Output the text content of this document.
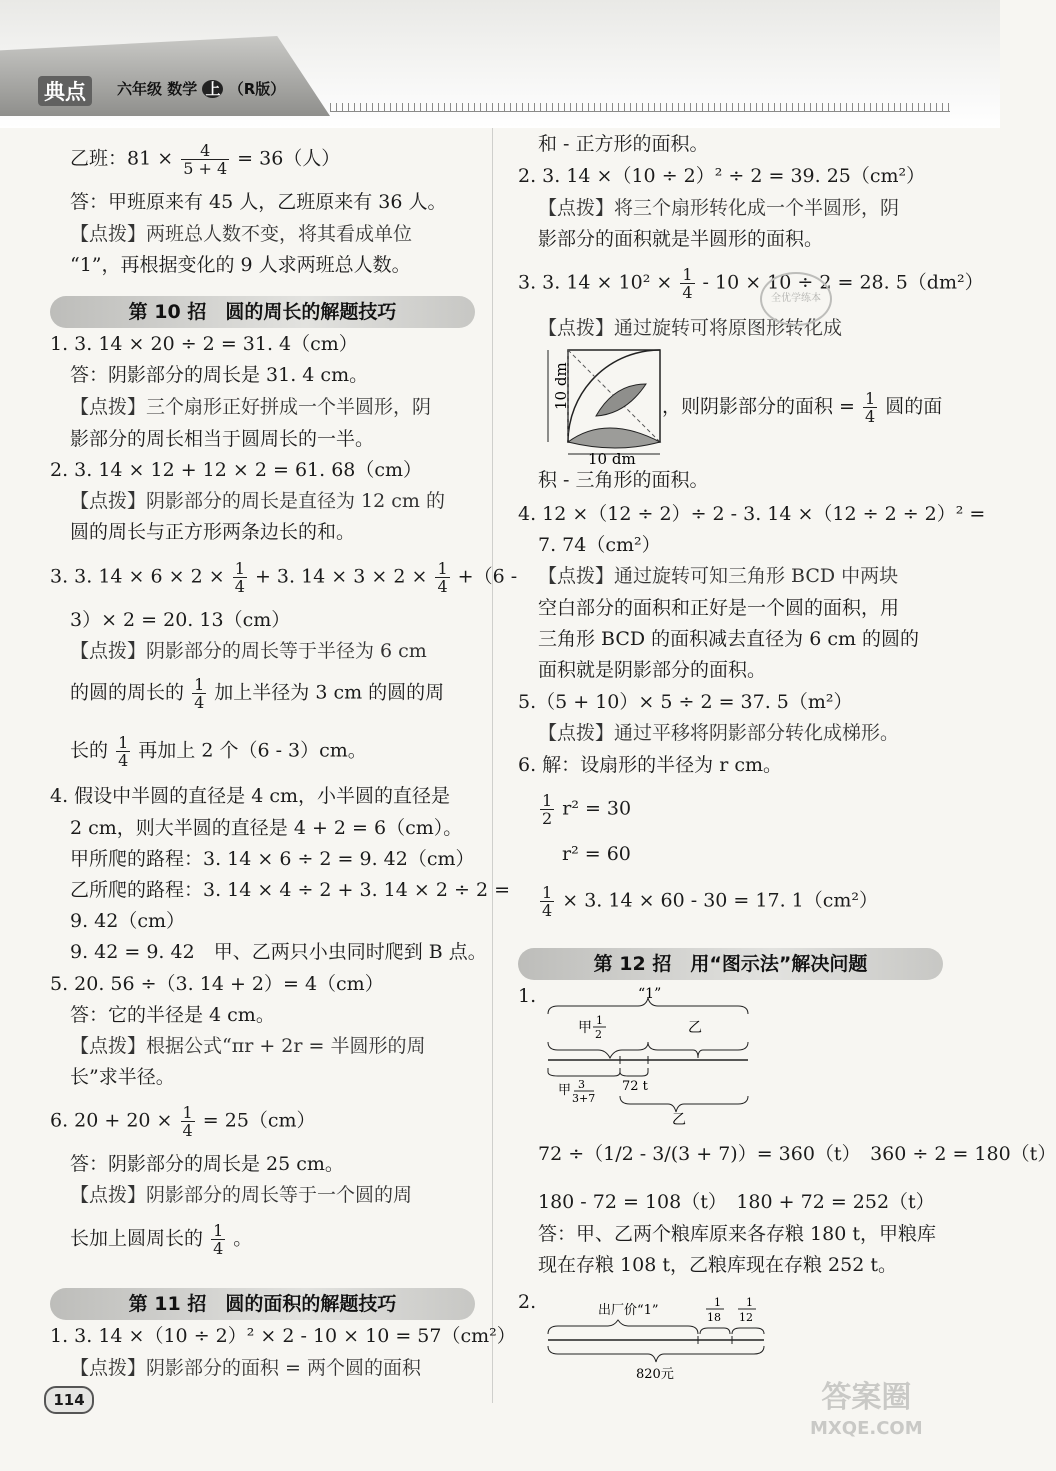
典点	六年级 数学 上 （R版）
乙班：$81 \times \frac{4}{5 + 4} = 36$（人）
答：甲班原来有 45 人，乙班原来有 36 人。
【点拨】两班总人数不变，将其看成单位
“1”，再根据变化的 9 人求两班总人数。
第 10 招　圆的周长的解题技巧
1. 3. 14 × 20 ÷ 2 = 31. 4（cm）
答：阴影部分的周长是 31. 4 cm。
【点拨】三个扇形正好拼成一个半圆形，阴
影部分的周长相当于圆周长的一半。
2. 3. 14 × 12 + 12 × 2 = 61. 68（cm）
【点拨】阴影部分的周长是直径为 12 cm 的
圆的周长与正方形两条边长的和。
3. 3. $14 \times 6 \times 2 \times \frac{1}{4} + 3$. $14 \times 3 \times 2 \times \frac{1}{4} +(6$ -
3）× 2 = 20. 13（cm）
【点拨】阴影部分的周长等于半径为 6 cm
的圆的周长的 $\frac{1}{4}$ 加上半径为 3 cm 的圆的周
长的 $\frac{1}{4}$ 再加上 2 个（6 - 3）cm。
4. 假设中半圆的直径是 4 cm，小半圆的直径是
2 cm，则大半圆的直径是 4 + 2 = 6（cm）。
甲所爬的路程：3. 14 × 6 ÷ 2 = 9. 42（cm）
乙所爬的路程：3. 14 × 4 ÷ 2 + 3. 14 × 2 ÷ 2 =
9. 42（cm）
9. 42 = 9. 42　甲、乙两只小虫同时爬到 B 点。
5. 20. 56 ÷（3. 14 + 2）= 4（cm）
答：它的半径是 4 cm。
【点拨】根据公式“πr + 2r = 半圆形的周
长”求半径。
6. $20 + 20 \times \frac{1}{4} = 25(cm)$
答：阴影部分的周长是 25 cm。
【点拨】阴影部分的周长等于一个圆的周
长加上圆周长的 $\frac{1}{4}$ 。
第 11 招　圆的面积的解题技巧
1. 3. 14 ×（10 ÷ 2）² × 2 - 10 × 10 = 57（cm²）
【点拨】阴影部分的面积 = 两个圆的面积
和 - 正方形的面积。
2. 3. 14 ×（10 ÷ 2）² ÷ 2 = 39. 25（cm²）
【点拨】将三个扇形转化成一个半圆形，阴
影部分的面积就是半圆形的面积。
3. 3. $14 \times 10^2 \times \frac{1}{4} - 10 \times 10 \div 2 = 28$. 5（dm²）
【点拨】通过旋转可将原图形转化成
10 dm
10 dm
，则阴影部分的面积 = $\frac{1}{4}$ 圆的面
积 - 三角形的面积。
4. 12 ×（12 ÷ 2）÷ 2 - 3. 14 ×（12 ÷ 2 ÷ 2）² =
7. 74（cm²）
【点拨】通过旋转可知三角形 BCD 中两块
空白部分的面积和正好是一个圆的面积，用
三角形 BCD 的面积减去直径为 6 cm 的圆的
面积就是阴影部分的面积。
5.（5 + 10）× 5 ÷ 2 = 37. 5（m²）
【点拨】通过平移将阴影部分转化成梯形。
6. 解：设扇形的半径为 r cm。
$\frac{1}{2} r^2 = 30$
r² = 60
$\frac{1}{4} \times 3$. 14 × 60 - 30 = 17. 1（cm²）
第 12 招　用“图示法”解决问题
1.	“1”
甲 1
2	乙
甲 3
3+7
72 t
乙
72 ÷（1/2 - 3/(3 + 7)）= 360（t）　360 ÷ 2 = 180（t）
180 - 72 = 108（t）　180 + 72 = 252（t）
答：甲、乙两个粮库原来各存粮 180 t，甲粮库
现在存粮 108 t，乙粮库现在存粮 252 t。
2.	出厂价“1”
1
18
1
12
820元
全优学练本
114	答案圈
MXQE.COM
